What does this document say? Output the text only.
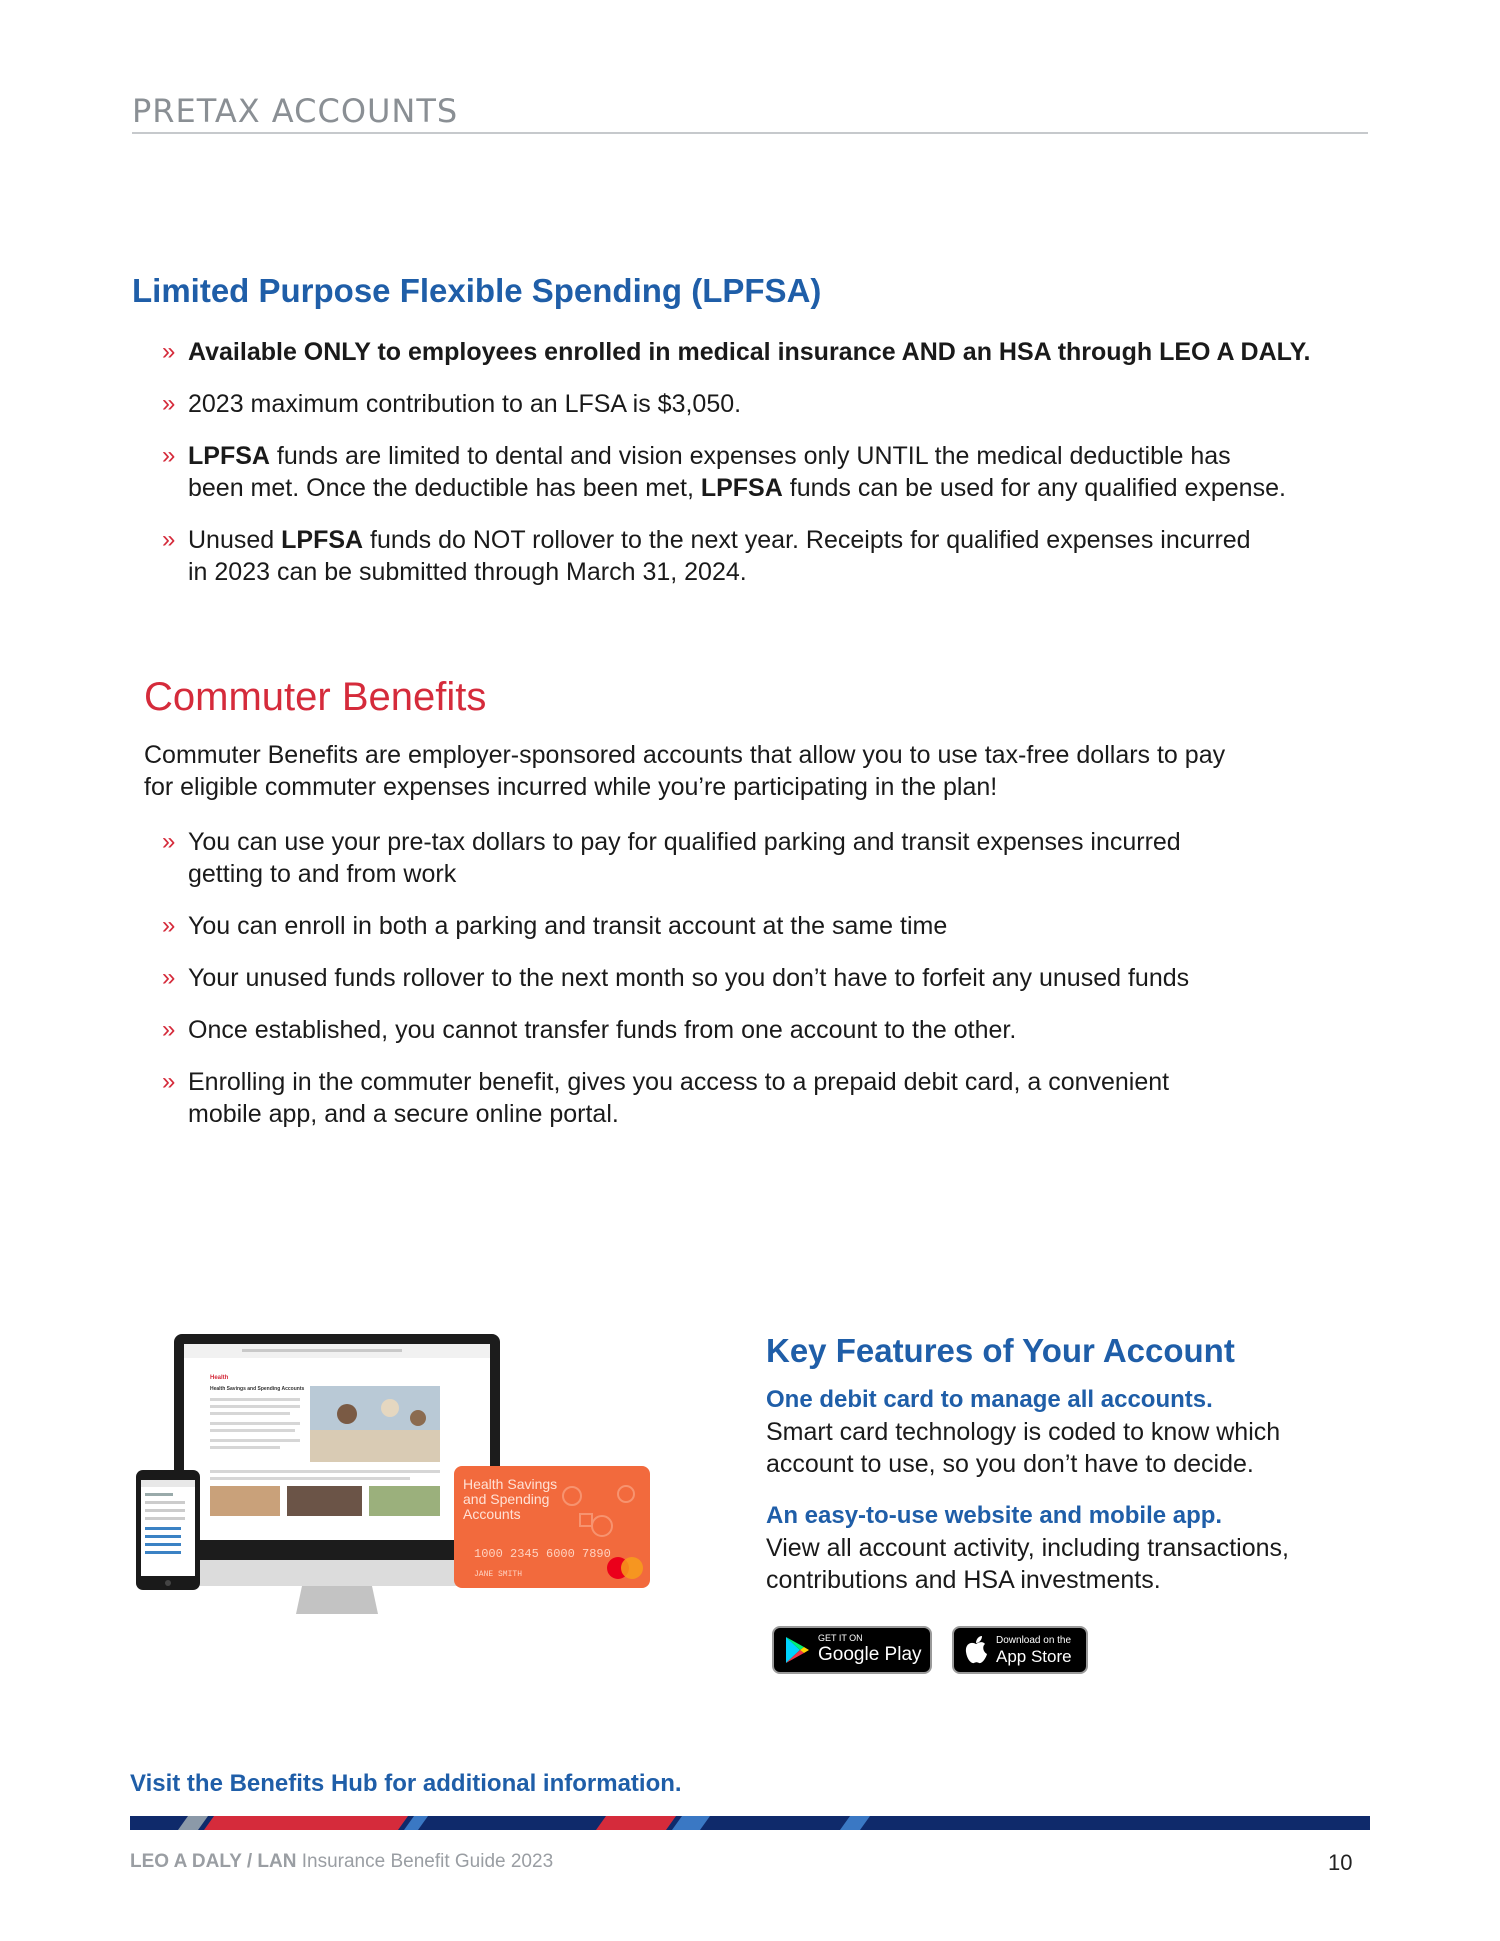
PRETAX ACCOUNTS
Limited Purpose Flexible Spending (LPFSA)
» Available ONLY to employees enrolled in medical insurance AND an HSA through LEO A DALY.
» 2023 maximum contribution to an LFSA is $3,050.
» LPFSA funds are limited to dental and vision expenses only UNTIL the medical deductible has
been met. Once the deductible has been met, LPFSA funds can be used for any qualified expense.
» Unused LPFSA funds do NOT rollover to the next year. Receipts for qualified expenses incurred
in 2023 can be submitted through March 31, 2024.
Commuter Benefits
Commuter Benefits are employer-sponsored accounts that allow you to use tax-free dollars to pay
for eligible commuter expenses incurred while you’re participating in the plan!
» You can use your pre-tax dollars to pay for qualified parking and transit expenses incurred
getting to and from work
» You can enroll in both a parking and transit account at the same time
» Your unused funds rollover to the next month so you don’t have to forfeit any unused funds
» Once established, you cannot transfer funds from one account to the other.
» Enrolling in the commuter benefit, gives you access to a prepaid debit card, a convenient
mobile app, and a secure online portal.
Health
Health Savings and Spending Accounts
Health Savings
and Spending
Accounts
1000 2345 6000 7890
JANE SMITH
Key Features of Your Account
One debit card to manage all accounts.
Smart card technology is coded to know which
account to use, so you don’t have to decide.
An easy-to-use website and mobile app.
View all account activity, including transactions,
contributions and HSA investments.
GET IT ON
Google Play
Download on the
App Store
Visit the Benefits Hub for additional information.
LEO A DALY / LAN Insurance Benefit Guide 2023	10
